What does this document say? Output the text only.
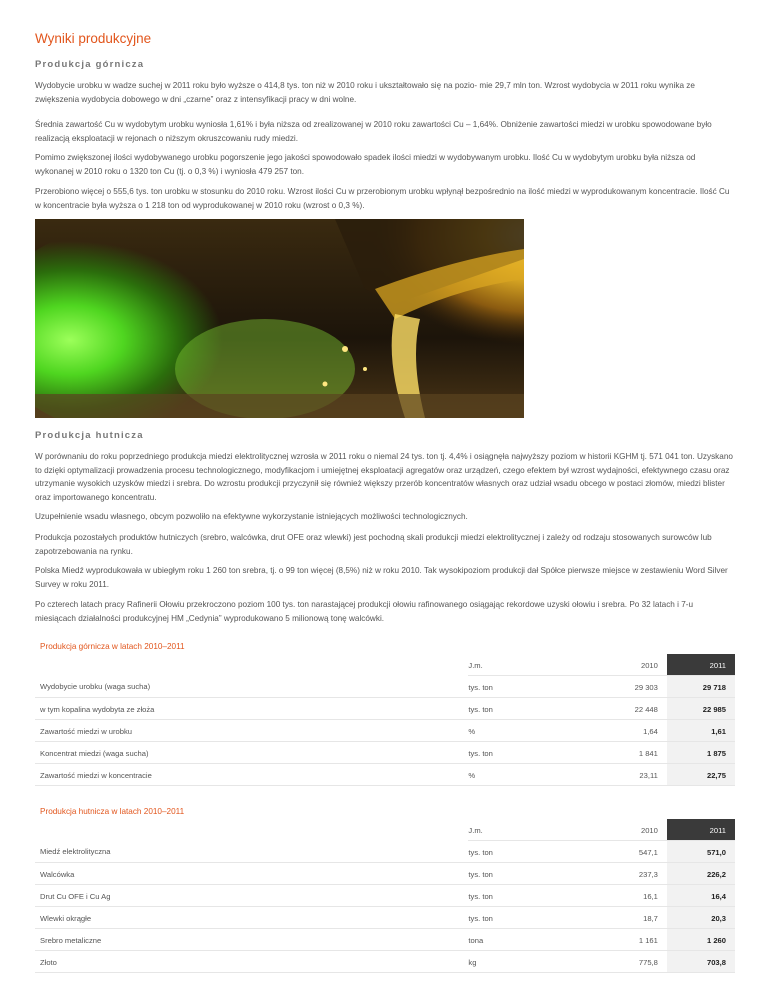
Wyniki produkcyjne
Produkcja górnicza
Wydobycie urobku w wadze suchej w 2011 roku było wyższe o 414,8 tys. ton niż w 2010 roku i ukształtowało się na pozio- mie 29,7 mln ton. Wzrost wydobycia w 2011 roku wynika ze zwiększenia wydobycia dobowego w dni „czarne” oraz z intensyfikacji pracy w dni wolne.
Średnia zawartość Cu w wydobytym urobku wyniosła 1,61% i była niższa od zrealizowanej w 2010 roku zawartości Cu – 1,64%. Obniżenie zawartości miedzi w urobku spowodowane było realizacją eksploatacji w rejonach o niższym okruszcowaniu rudy miedzi.
Pomimo zwiększonej ilości wydobywanego urobku pogorszenie jego jakości spowodowało spadek ilości miedzi w wydobywanym urobku. Ilość Cu w wydobytym urobku była niższa od wykonanej w 2010 roku o 1320 ton Cu (tj. o 0,3 %) i wyniosła 479 257 ton.
Przerobiono więcej o 555,6 tys. ton urobku w stosunku do 2010 roku. Wzrost ilości Cu w przerobionym urobku wpłynął bezpośrednio na ilość miedzi w wyprodukowanym koncentracie. Ilość Cu w koncentracie była wyższa o 1 218 ton od wyprodukowanej w 2010 roku (wzrost o 0,3 %).
Produkcja hutnicza
W porównaniu do roku poprzedniego produkcja miedzi elektrolitycznej wzrosła w 2011 roku o niemal 24 tys. ton tj. 4,4% i osiągnęła najwyższy poziom w historii KGHM tj. 571 041 ton. Uzyskano to dzięki optymalizacji prowadzenia procesu technologicznego, modyfikacjom i umiejętnej eksploatacji agregatów oraz urządzeń, czego efektem był wzrost wydajności, efektywnego czasu oraz utrzymanie wysokich uzysków miedzi i srebra. Do wzrostu produkcji przyczynił się również większy przerób koncentratów własnych oraz udział wsadu obcego w postaci złomów, miedzi blister oraz importowanego koncentratu.
Uzupełnienie wsadu własnego, obcym pozwoliło na efektywne wykorzystanie istniejących możliwości technologicznych.
Produkcja pozostałych produktów hutniczych (srebro, walcówka, drut OFE oraz wlewki) jest pochodną skali produkcji miedzi elektrolitycznej i zależy od rodzaju stosowanych surowców lub zapotrzebowania na rynku.
Polska Miedź wyprodukowała w ubiegłym roku 1 260 ton srebra, tj. o 99 ton więcej (8,5%) niż w roku 2010. Tak wysokipoziom produkcji dał Spółce pierwsze miejsce w zestawieniu Word Silver Survey w roku 2011.
Po czterech latach pracy Rafinerii Ołowiu przekroczono poziom 100 tys. ton narastającej produkcji ołowiu rafinowanego osiągając rekordowe uzyski ołowiu i srebra. Po 32 latach i 7-u miesiącach działalności produkcyjnej HM „Cedynia” wyprodukowano 5 milionową tonę walcówki.
Produkcja górnicza w latach 2010–2011
	J.m.	2010	2011
Wydobycie urobku (waga sucha)	tys. ton	29 303	29 718
w tym kopalina wydobyta ze złoża	tys. ton	22 448	22 985
Zawartość miedzi w urobku	%	1,64	1,61
Koncentrat miedzi (waga sucha)	tys. ton	1 841	1 875
Zawartość miedzi w koncentracie	%	23,11	22,75
Produkcja hutnicza w latach 2010–2011
	J.m.	2010	2011
Miedź elektrolityczna	tys. ton	547,1	571,0
Walcówka	tys. ton	237,3	226,2
Drut Cu OFE i Cu Ag	tys. ton	16,1	16,4
Wlewki okrągłe	tys. ton	18,7	20,3
Srebro metaliczne	tona	1 161	1 260
Złoto	kg	775,8	703,8
